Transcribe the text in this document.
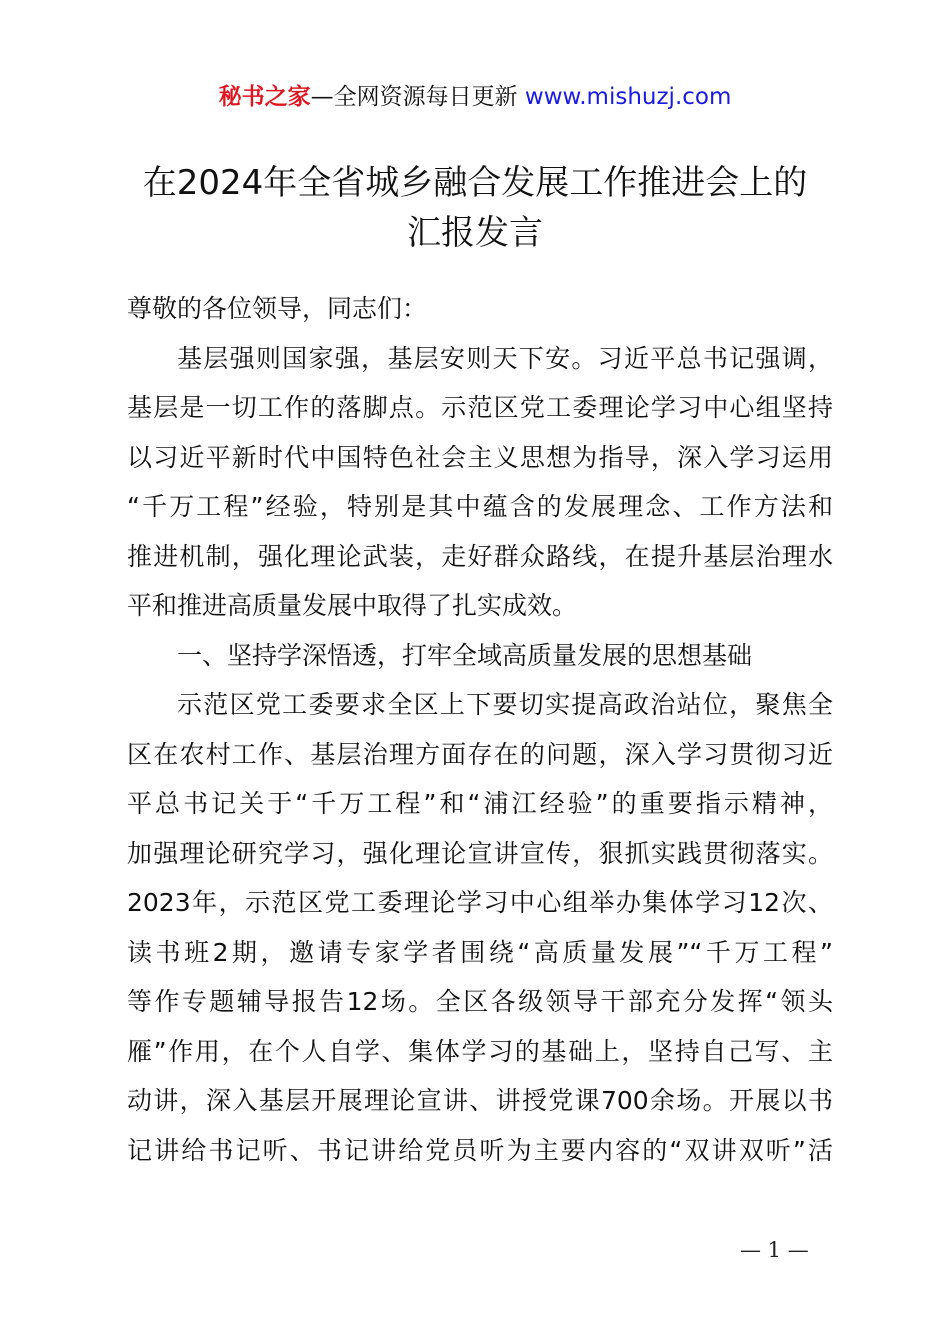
秘书之家—全网资源每日更新 www.mishuzj.com
在2024年全省城乡融合发展工作推进会上的
汇报发言
尊敬的各位领导，同志们：
基层强则国家强，基层安则天下安。习近平总书记强调，
基层是一切工作的落脚点。示范区党工委理论学习中心组坚持
以习近平新时代中国特色社会主义思想为指导，深入学习运用
“千万工程”经验，特别是其中蕴含的发展理念、工作方法和
推进机制，强化理论武装，走好群众路线，在提升基层治理水
平和推进高质量发展中取得了扎实成效。
一、坚持学深悟透，打牢全域高质量发展的思想基础
示范区党工委要求全区上下要切实提高政治站位，聚焦全
区在农村工作、基层治理方面存在的问题，深入学习贯彻习近
平总书记关于“千万工程”和“浦江经验”的重要指示精神，
加强理论研究学习，强化理论宣讲宣传，狠抓实践贯彻落实。
2023年，示范区党工委理论学习中心组举办集体学习12次、
读书班2期，邀请专家学者围绕“高质量发展”“千万工程”
等作专题辅导报告12场。全区各级领导干部充分发挥“领头
雁”作用，在个人自学、集体学习的基础上，坚持自己写、主
动讲，深入基层开展理论宣讲、讲授党课700余场。开展以书
记讲给书记听、书记讲给党员听为主要内容的“双讲双听”活
— 1 —
